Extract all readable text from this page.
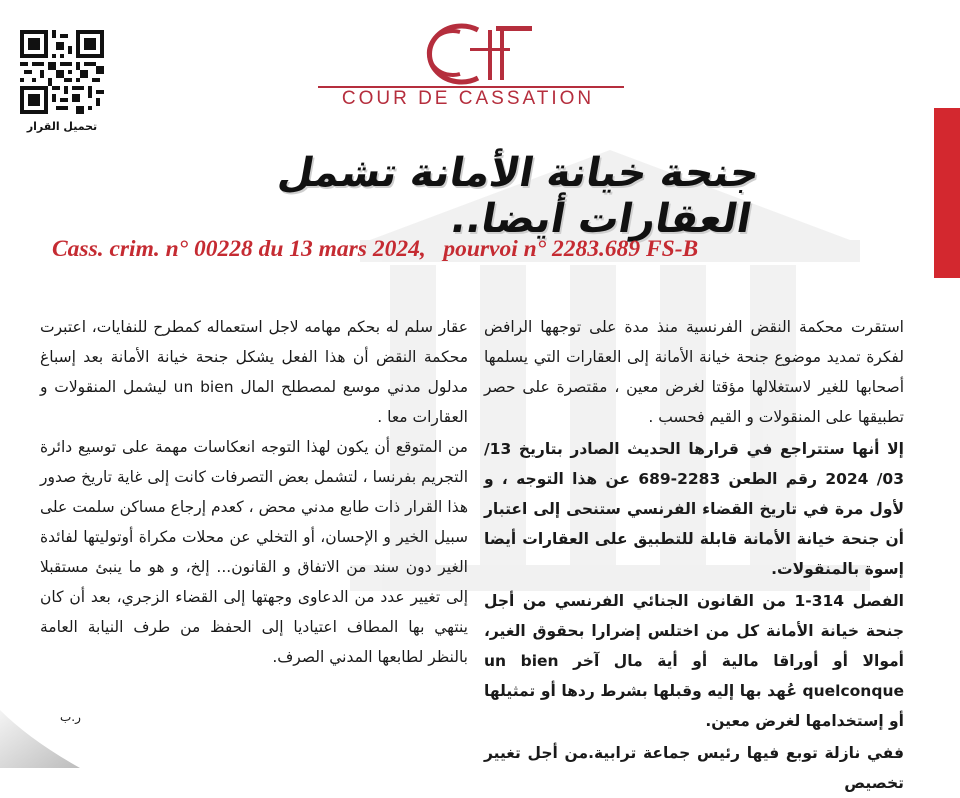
تحميل القرار
COUR DE CASSATION
جنحة خيانة الأمانة تشمل العقارات أيضا..
Cass. crim. n° 00228 du 13 mars 2024,   pourvoi n° 2283.689 FS-B

استقرت محكمة النقض الفرنسية منذ مدة على توجهها الرافض لفكرة تمديد موضوع جنحة خيانة الأمانة إلى العقارات التي يسلمها أصحابها للغير لاستغلالها مؤقتا لغرض معين ، مقتصرة على حصر تطبيقها على المنقولات و القيم فحسب .

إلا أنها ستتراجع في قرارها الحديث الصادر بتاريخ 13/ 03/ 2024 رقم الطعن 2283-689 عن هذا التوجه ، و لأول مرة في تاريخ القضاء الفرنسي ستنحى إلى اعتبار أن جنحة خيانة الأمانة قابلة للتطبيق على العقارات أيضا إسوة بالمنقولات.

الفصل 314-1 من القانون الجنائي الفرنسي من أجل جنحة خيانة الأمانة كل من اختلس إضرارا بحقوق الغير، أموالا أو أوراقا مالية أو أية مال آخر un bien quelconque عُهد بها إليه وقبلها بشرط ردها أو تمثيلها أو إستخدامها لغرض معين.

ففي نازلة توبع فيها رئيس جماعة ترابية.من أجل تغيير تخصيص

عقار سلم له بحكم مهامه لاجل استعماله كمطرح للنفايات، اعتبرت محكمة النقض أن هذا الفعل يشكل جنحة خيانة الأمانة بعد إسباغ مدلول مدني موسع لمصطلح المال un bien ليشمل المنقولات و العقارات معا .

من المتوقع أن يكون لهذا التوجه انعكاسات مهمة على توسيع دائرة التجريم بفرنسا ، لتشمل بعض التصرفات كانت إلى غاية تاريخ صدور هذا القرار ذات طابع مدني محض ، كعدم إرجاع مساكن سلمت على سبيل الخير و الإحسان، أو التخلي عن محلات مكراة أوتوليتها لفائدة الغير دون سند من الاتفاق و القانون... إلخ، و هو ما ينبئ مستقبلا إلى تغيير عدد من الدعاوى وجهتها إلى القضاء الزجري، بعد أن كان ينتهي بها المطاف اعتياديا إلى الحفظ من طرف النيابة العامة بالنظر لطابعها المدني الصرف.

ر.ب
